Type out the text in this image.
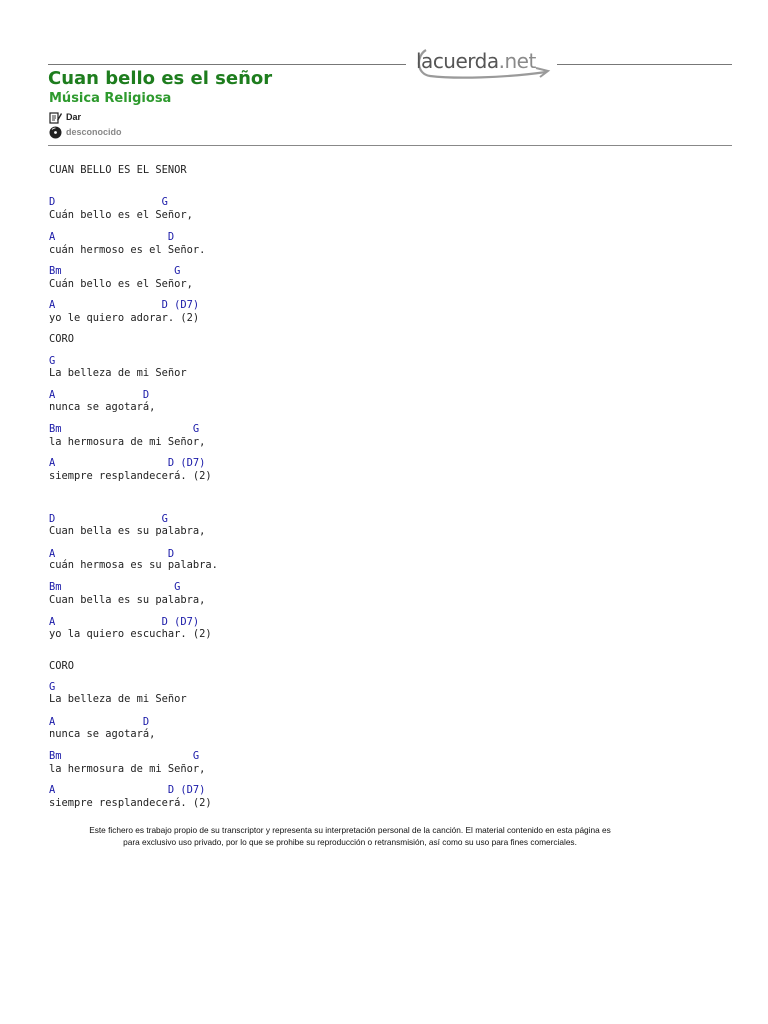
lacuerda.net
Cuan bello es el señor
Música Religiosa
Dar
desconocido

CUAN BELLO ES EL SENOR

D                 G

Cuán bello es el Señor,

A                  D

cuán hermoso es el Señor.

Bm                  G

Cuán bello es el Señor,

A                 D (D7)

yo le quiero adorar. (2)

CORO

G

La belleza de mi Señor

A              D

nunca se agotará,

Bm                     G

la hermosura de mi Señor,

A                  D (D7)

siempre resplandecerá. (2)

D                 G

Cuan bella es su palabra,

A                  D

cuán hermosa es su palabra.

Bm                  G

Cuan bella es su palabra,

A                 D (D7)

yo la quiero escuchar. (2)

CORO

G

La belleza de mi Señor

A              D

nunca se agotará,

Bm                     G

la hermosura de mi Señor,

A                  D (D7)

siempre resplandecerá. (2)

Este fichero es trabajo propio de su transcriptor y representa su interpretación personal de la canción. El material contenido en esta página es
para exclusivo uso privado, por lo que se prohibe su reproducción o retransmisión, así como su uso para fines comerciales.
